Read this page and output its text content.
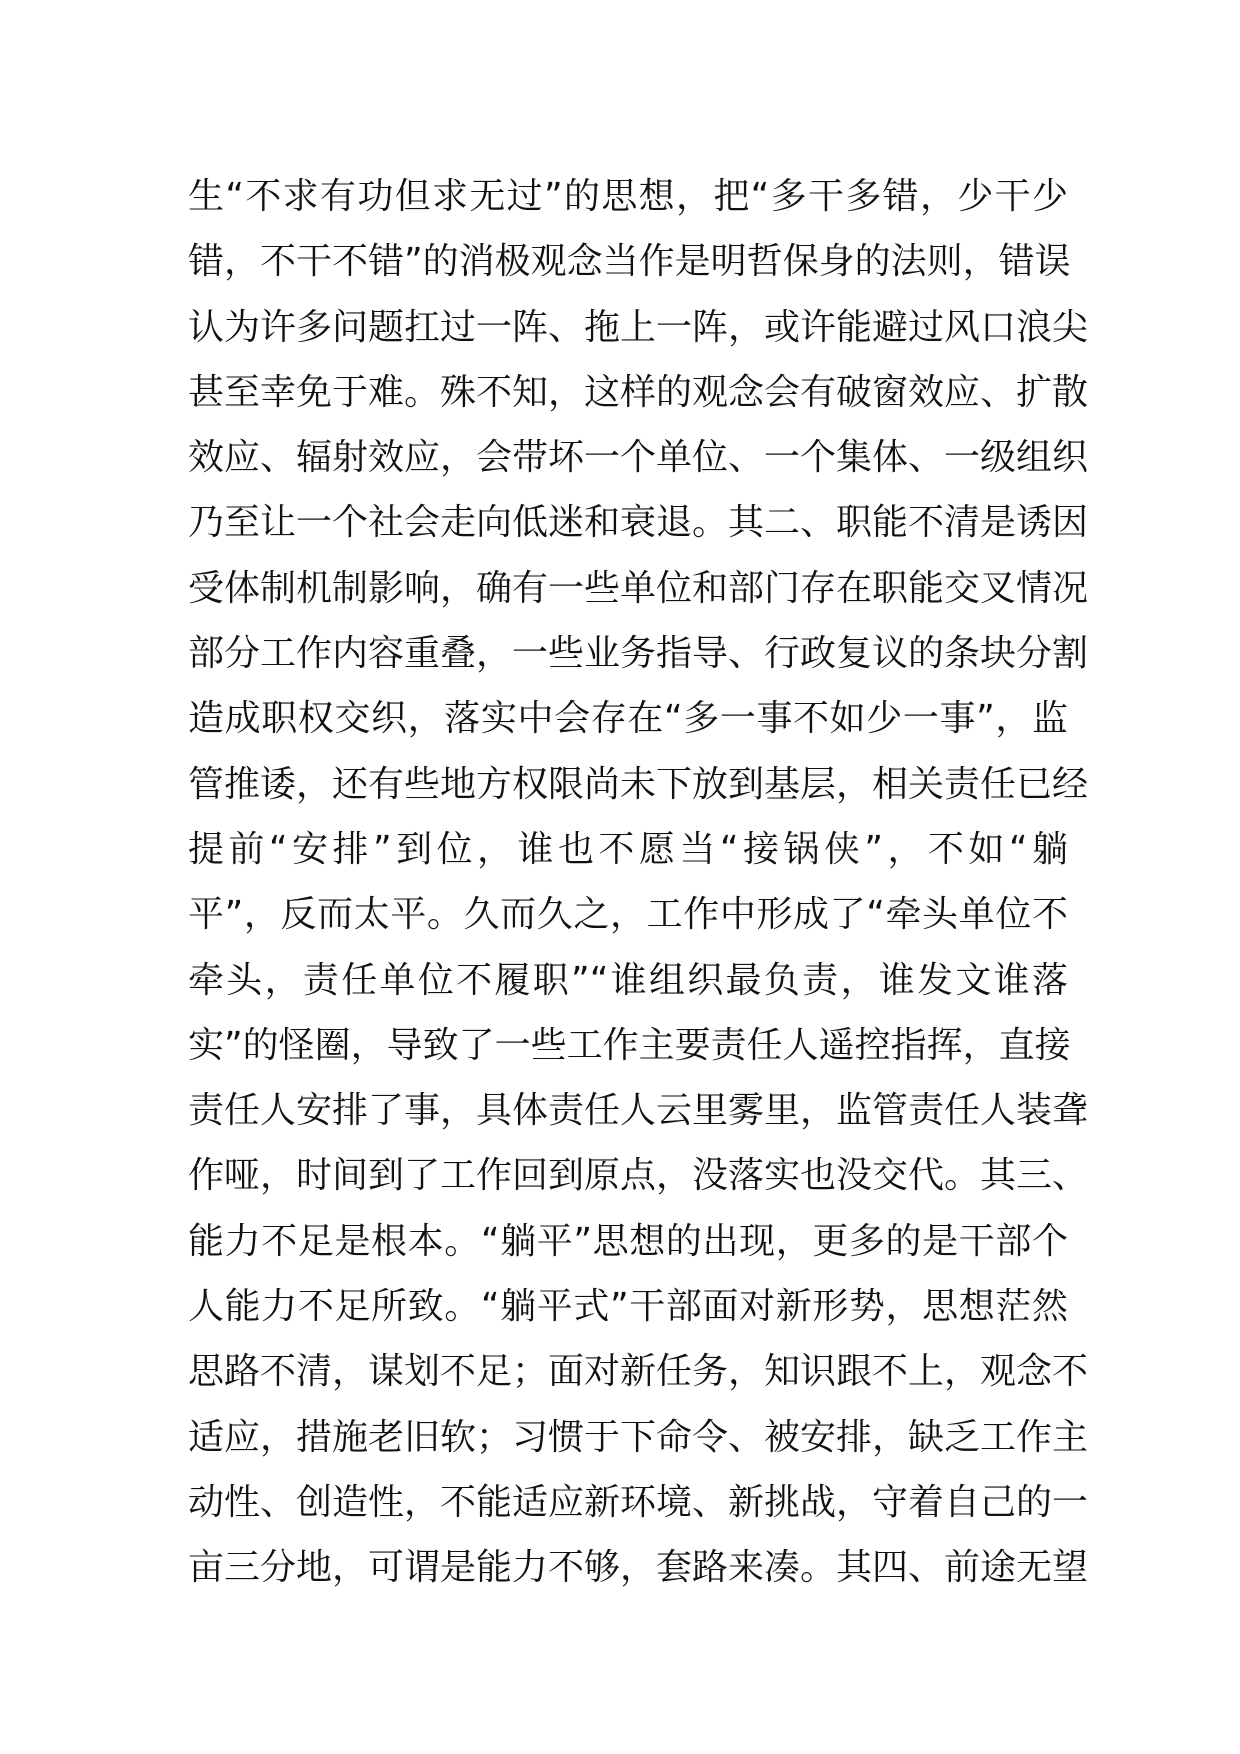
生“不求有功但求无过”的思想，把“多干多错，少干少
错，不干不错”的消极观念当作是明哲保身的法则，错误
认为许多问题扛过一阵、拖上一阵，或许能避过风口浪尖
甚至幸免于难。殊不知，这样的观念会有破窗效应、扩散
效应、辐射效应，会带坏一个单位、一个集体、一级组织
乃至让一个社会走向低迷和衰退。其二、职能不清是诱因
受体制机制影响，确有一些单位和部门存在职能交叉情况
部分工作内容重叠，一些业务指导、行政复议的条块分割
造成职权交织，落实中会存在“多一事不如少一事”，监
管推诿，还有些地方权限尚未下放到基层，相关责任已经
提前“安排”到位，谁也不愿当“接锅侠”，不如“躺
平”，反而太平。久而久之，工作中形成了“牵头单位不
牵头，责任单位不履职”“谁组织最负责，谁发文谁落
实”的怪圈，导致了一些工作主要责任人遥控指挥，直接
责任人安排了事，具体责任人云里雾里，监管责任人装聋
作哑，时间到了工作回到原点，没落实也没交代。其三、
能力不足是根本。“躺平”思想的出现，更多的是干部个
人能力不足所致。“躺平式”干部面对新形势，思想茫然
思路不清，谋划不足；面对新任务，知识跟不上，观念不
适应，措施老旧软；习惯于下命令、被安排，缺乏工作主
动性、创造性，不能适应新环境、新挑战，守着自己的一
亩三分地，可谓是能力不够，套路来凑。其四、前途无望
